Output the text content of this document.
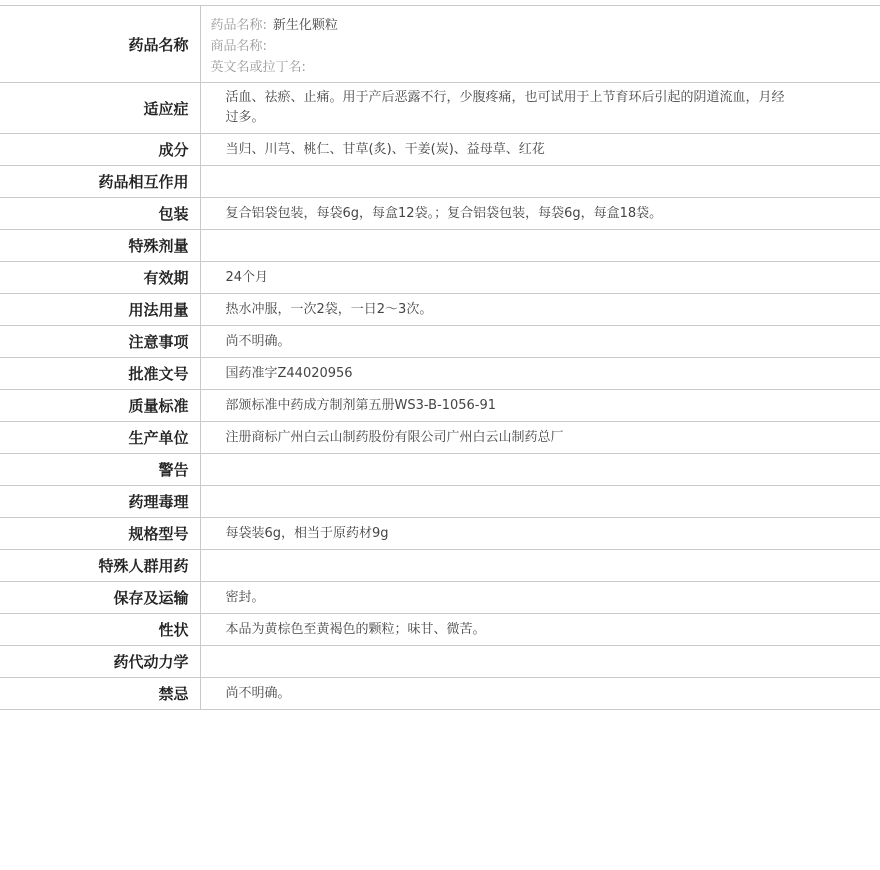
药品名称	药品名称: 新生化颗粒
商品名称:
英文名或拉丁名:

适应症	活血、祛瘀、止痛。用于产后恶露不行，少腹疼痛，也可试用于上节育环后引起的阴道流血，月经过多。
成分	当归、川芎、桃仁、甘草(炙)、干姜(炭)、益母草、红花
药品相互作用	
包装	复合铝袋包装，每袋6g，每盒12袋。；复合铝袋包装，每袋6g，每盒18袋。
特殊剂量	
有效期	24个月
用法用量	热水冲服，一次2袋，一日2～3次。
注意事项	尚不明确。
批准文号	国药准字Z44020956
质量标准	部颁标准中药成方制剂第五册WS3-B-1056-91
生产单位	注册商标广州白云山制药股份有限公司广州白云山制药总厂
警告	
药理毒理	
规格型号	每袋装6g，相当于原药材9g
特殊人群用药	
保存及运输	密封。
性状	本品为黄棕色至黄褐色的颗粒；味甘、微苦。
药代动力学	
禁忌	尚不明确。
